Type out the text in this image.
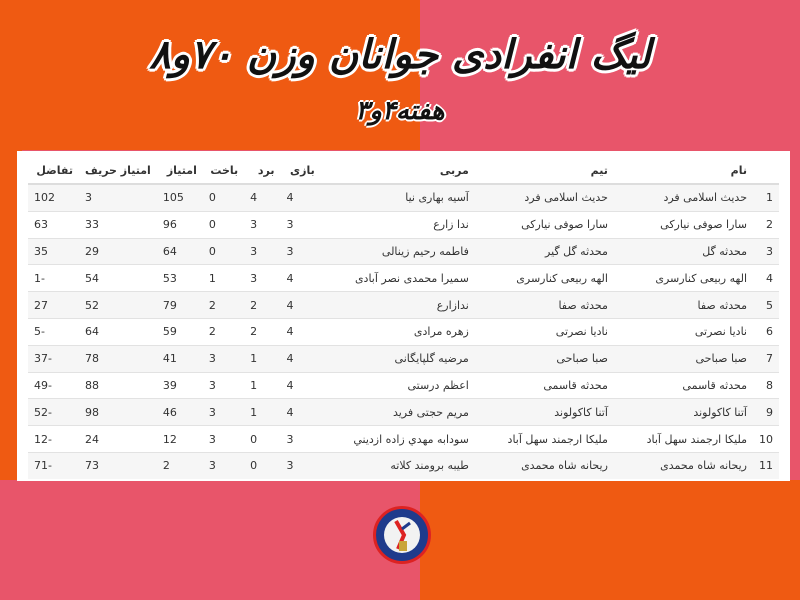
لیگ انفرادی جوانان وزن ۷۰و۸
هفته۴و۳
	نام	تیم	مربی	بازی	برد	باخت	امتیاز	امتیاز حریف	تفاضل
1	حدیث اسلامی فرد	حدیث اسلامی فرد	آسیه بهاری نیا	4	4	0	105	3	102
2	سارا صوفی نیارکی	سارا صوفی نیارکی	ندا زارع	3	3	0	96	33	63
3	محدثه گل	محدثه گل گیر	فاطمه رحیم زینالی	3	3	0	64	29	35
4	الهه ربیعی کنارسری	الهه ربیعی کنارسری	سمیرا محمدی نصر آبادی	4	3	1	53	54	-1
5	محدثه صفا	محدثه صفا	ندازارع	4	2	2	79	52	27
6	نادیا نصرتی	نادیا نصرتی	زهره مرادی	4	2	2	59	64	-5
7	صبا صباحی	صبا صباحی	مرضیه گلپایگانی	4	1	3	41	78	-37
8	محدثه قاسمی	محدثه قاسمی	اعظم درستی	4	1	3	39	88	-49
9	آتنا کاکولوند	آتنا کاکولوند	مریم حجتی فرید	4	1	3	46	98	-52
10	ملیکا ارجمند سهل آباد	ملیکا ارجمند سهل آباد	سودابه مهدي زاده ازديني	3	0	3	12	24	-12
11	ریحانه شاه محمدی	ریحانه شاه محمدی	طیبه برومند کلاته	3	0	3	2	73	-71
